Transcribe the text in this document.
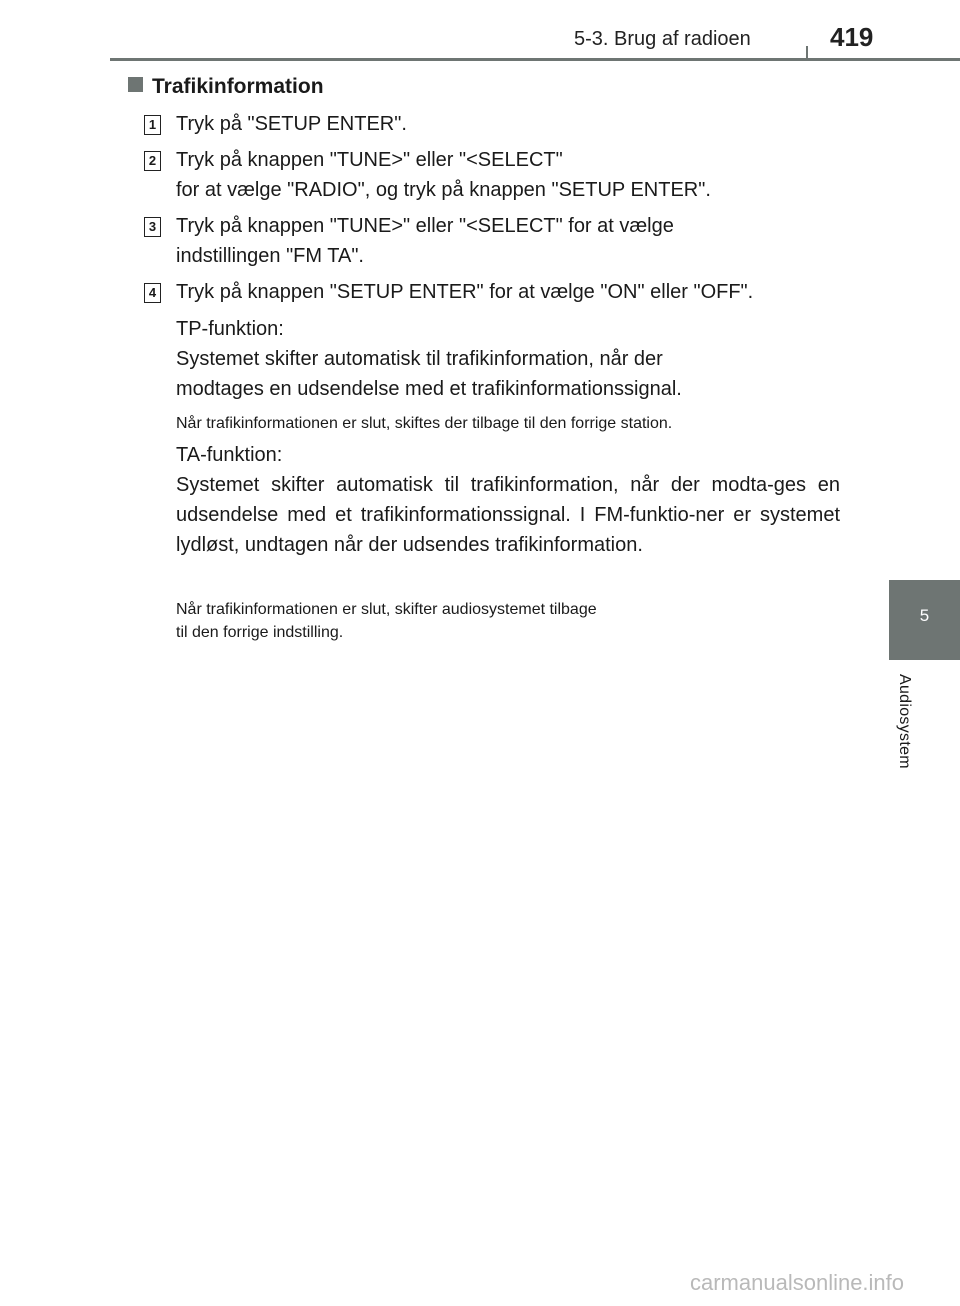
5-3. Brug af radioen	419
5
Audiosystem
Trafikinformation
1 Tryk på "SETUP ENTER".
2 Tryk på knappen "TUNE>" eller "<SELECT"
for at vælge "RADIO", og tryk på knappen "SETUP ENTER".
3 Tryk på knappen "TUNE>" eller "<SELECT" for at vælge
indstillingen "FM TA".
4 Tryk på knappen "SETUP ENTER" for at vælge "ON" eller "OFF".
TP-funktion:
Systemet skifter automatisk til trafikinformation, når der
modtages en udsendelse med et trafikinformationssignal.
Når trafikinformationen er slut, skiftes der tilbage til den forrige station.
TA-funktion:
Systemet skifter automatisk til trafikinformation, når der modta-ges en udsendelse med et trafikinformationssignal. I FM-funktio-ner er systemet lydløst, undtagen når der udsendes trafikinformation.
Når trafikinformationen er slut, skifter audiosystemet tilbage
til den forrige indstilling.
carmanualsonline.info
